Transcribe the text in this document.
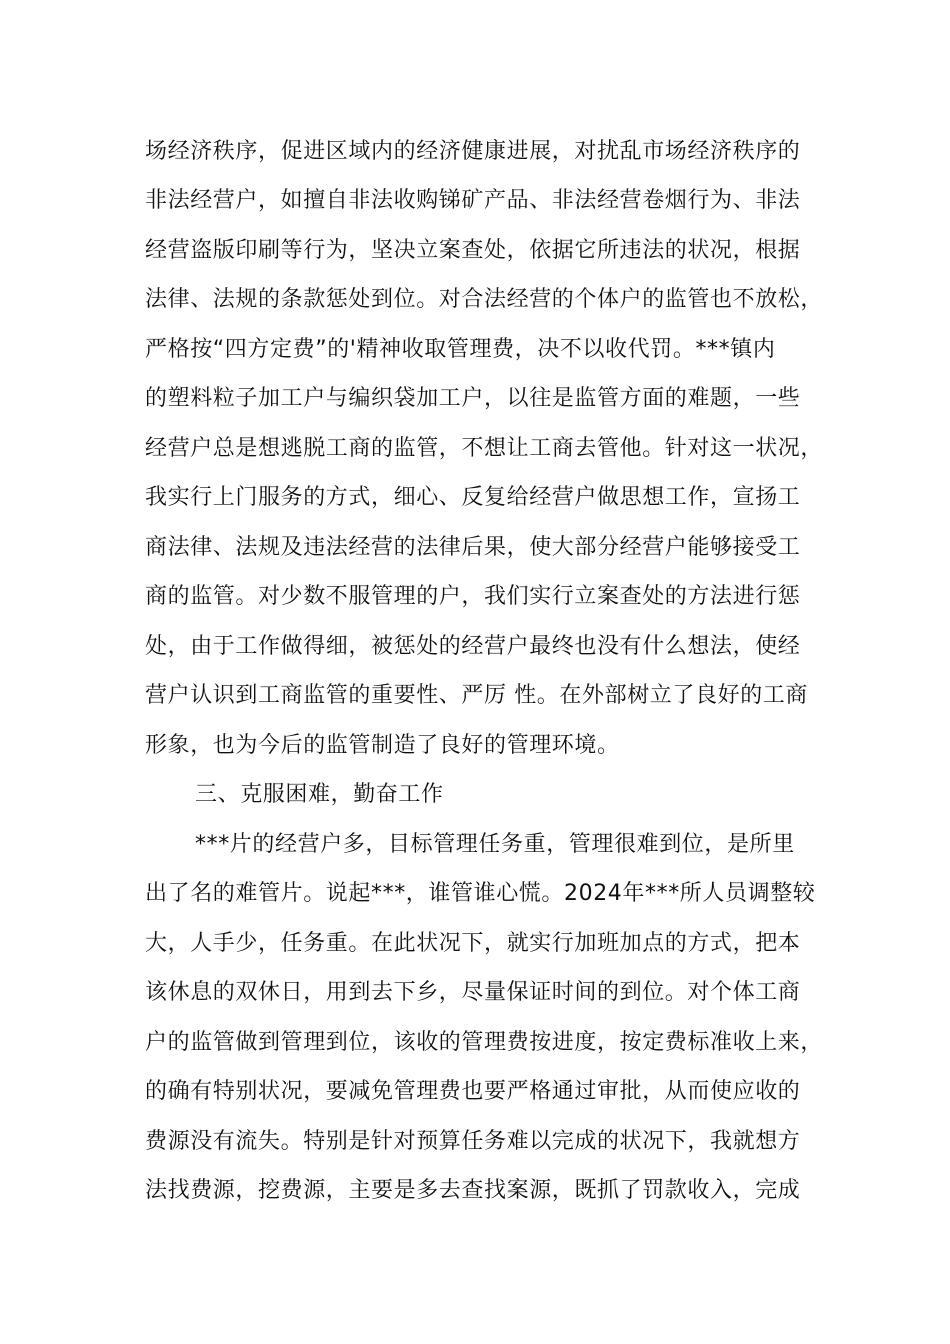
场经济秩序，促进区域内的经济健康进展，对扰乱市场经济秩序的
非法经营户，如擅自非法收购锑矿产品、非法经营卷烟行为、非法
经营盗版印刷等行为，坚决立案查处，依据它所违法的状况，根据
法律、法规的条款惩处到位。对合法经营的个体户的监管也不放松，
严格按“四方定费”的'精神收取管理费，决不以收代罚。***镇内
的塑料粒子加工户与编织袋加工户，以往是监管方面的难题，一些
经营户总是想逃脱工商的监管，不想让工商去管他。针对这一状况，
我实行上门服务的方式，细心、反复给经营户做思想工作，宣扬工
商法律、法规及违法经营的法律后果，使大部分经营户能够接受工
商的监管。对少数不服管理的户，我们实行立案查处的方法进行惩
处，由于工作做得细，被惩处的经营户最终也没有什么想法，使经
营户认识到工商监管的重要性、严厉 性。在外部树立了良好的工商
形象，也为今后的监管制造了良好的管理环境。
三、克服困难，勤奋工作
***片的经营户多，目标管理任务重，管理很难到位，是所里
出了名的难管片。说起***，谁管谁心慌。2024年***所人员调整较
大，人手少，任务重。在此状况下，就实行加班加点的方式，把本
该休息的双休日，用到去下乡，尽量保证时间的到位。对个体工商
户的监管做到管理到位，该收的管理费按进度，按定费标准收上来，
的确有特别状况，要减免管理费也要严格通过审批，从而使应收的
费源没有流失。特别是针对预算任务难以完成的状况下，我就想方
法找费源，挖费源，主要是多去查找案源，既抓了罚款收入，完成
